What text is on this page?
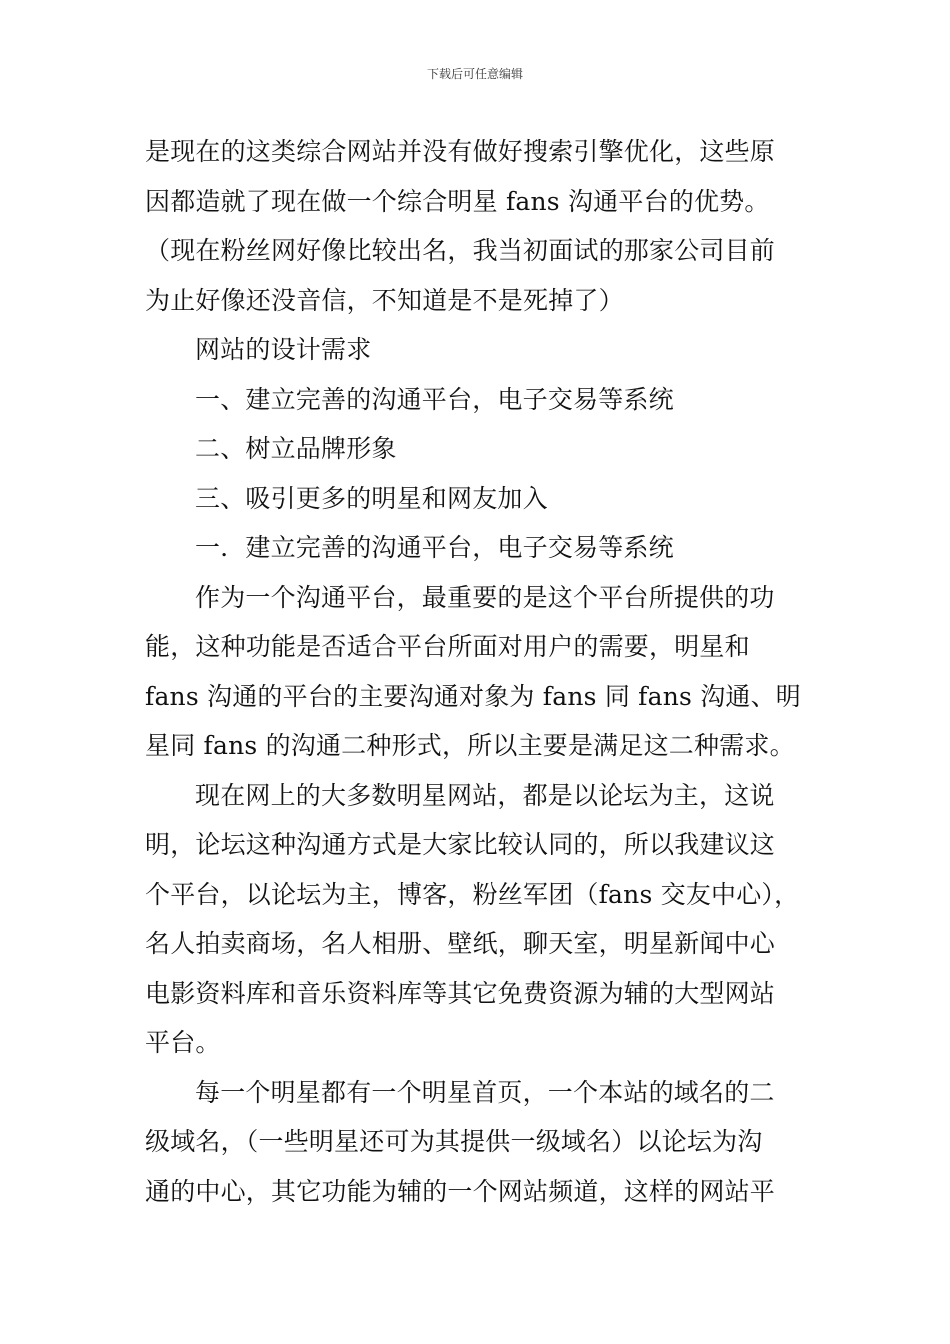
下载后可任意编辑
是现在的这类综合网站并没有做好搜索引擎优化，这些原
因都造就了现在做一个综合明星 fans 沟通平台的优势。
（现在粉丝网好像比较出名，我当初面试的那家公司目前
为止好像还没音信，不知道是不是死掉了）
网站的设计需求
一、建立完善的沟通平台，电子交易等系统
二、树立品牌形象
三、吸引更多的明星和网友加入
一．建立完善的沟通平台，电子交易等系统
作为一个沟通平台，最重要的是这个平台所提供的功
能，这种功能是否适合平台所面对用户的需要，明星和
fans 沟通的平台的主要沟通对象为 fans 同 fans 沟通、明
星同 fans 的沟通二种形式，所以主要是满足这二种需求。
现在网上的大多数明星网站，都是以论坛为主，这说
明，论坛这种沟通方式是大家比较认同的，所以我建议这
个平台，以论坛为主，博客，粉丝军团（fans 交友中心），
名人拍卖商场，名人相册、壁纸，聊天室，明星新闻中心
电影资料库和音乐资料库等其它免费资源为辅的大型网站
平台。
每一个明星都有一个明星首页，一个本站的域名的二
级域名，（一些明星还可为其提供一级域名）以论坛为沟
通的中心，其它功能为辅的一个网站频道，这样的网站平
